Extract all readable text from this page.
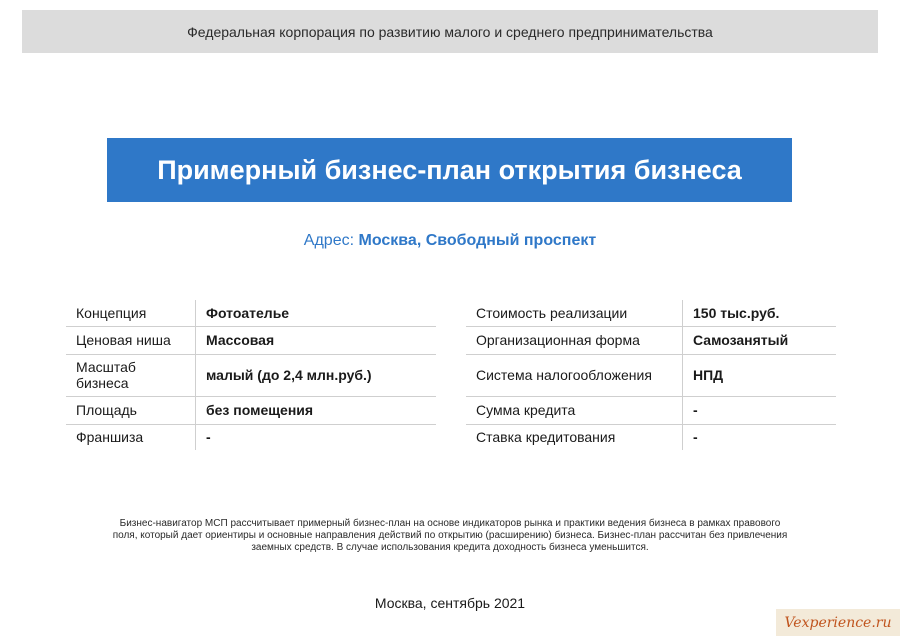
Федеральная корпорация по развитию малого и среднего предпринимательства
Примерный бизнес-план открытия бизнеса
Адрес: Москва, Свободный проспект
Концепция	Фотоателье
Ценовая ниша	Массовая
Масштаб бизнеса	малый (до 2,4 млн.руб.)
Площадь	без помещения
Франшиза	-
Стоимость реализации	150 тыс.руб.
Организационная форма	Самозанятый
Система налогообложения	НПД
Сумма кредита	-
Ставка кредитования	-
Бизнес-навигатор МСП рассчитывает примерный бизнес-план на основе индикаторов рынка и практики ведения бизнеса в рамках правового поля, который дает ориентиры и основные направления действий по открытию (расширению) бизнеса. Бизнес-план рассчитан без привлечения заемных средств. В случае использования кредита доходность бизнеса уменьшится.
Москва, сентябрь 2021
Vexperience.ru
